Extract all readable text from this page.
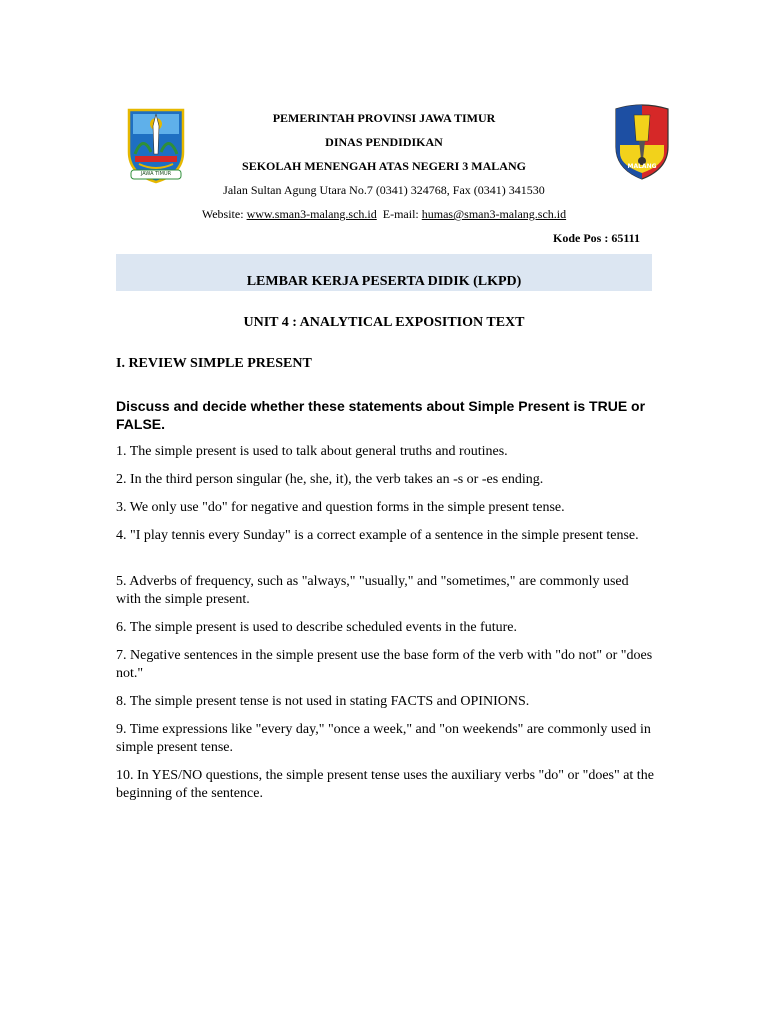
JAWA TIMUR
MALANG
PEMERINTAH PROVINSI JAWA TIMUR
DINAS PENDIDIKAN
SEKOLAH MENENGAH ATAS NEGERI 3 MALANG
Jalan Sultan Agung Utara No.7 (0341) 324768, Fax (0341) 341530
Website: www.sman3-malang.sch.id E-mail: humas@sman3-malang.sch.id
Kode Pos : 65111
LEMBAR KERJA PESERTA DIDIK (LKPD)
UNIT 4 : ANALYTICAL EXPOSITION TEXT
I. REVIEW SIMPLE PRESENT
Discuss and decide whether these statements about Simple Present is TRUE or FALSE.
1. The simple present is used to talk about general truths and routines.
2. In the third person singular (he, she, it), the verb takes an -s or -es ending.
3. We only use "do" for negative and question forms in the simple present tense.
4. "I play tennis every Sunday" is a correct example of a sentence in the simple present tense.
5. Adverbs of frequency, such as "always," "usually," and "sometimes," are commonly used with the simple present.
6. The simple present is used to describe scheduled events in the future.
7. Negative sentences in the simple present use the base form of the verb with "do not" or "does not."
8. The simple present tense is not used in stating FACTS and OPINIONS.
9. Time expressions like "every day," "once a week," and "on weekends" are commonly used in simple present tense.
10. In YES/NO questions, the simple present tense uses the auxiliary verbs "do" or "does" at the beginning of the sentence.
